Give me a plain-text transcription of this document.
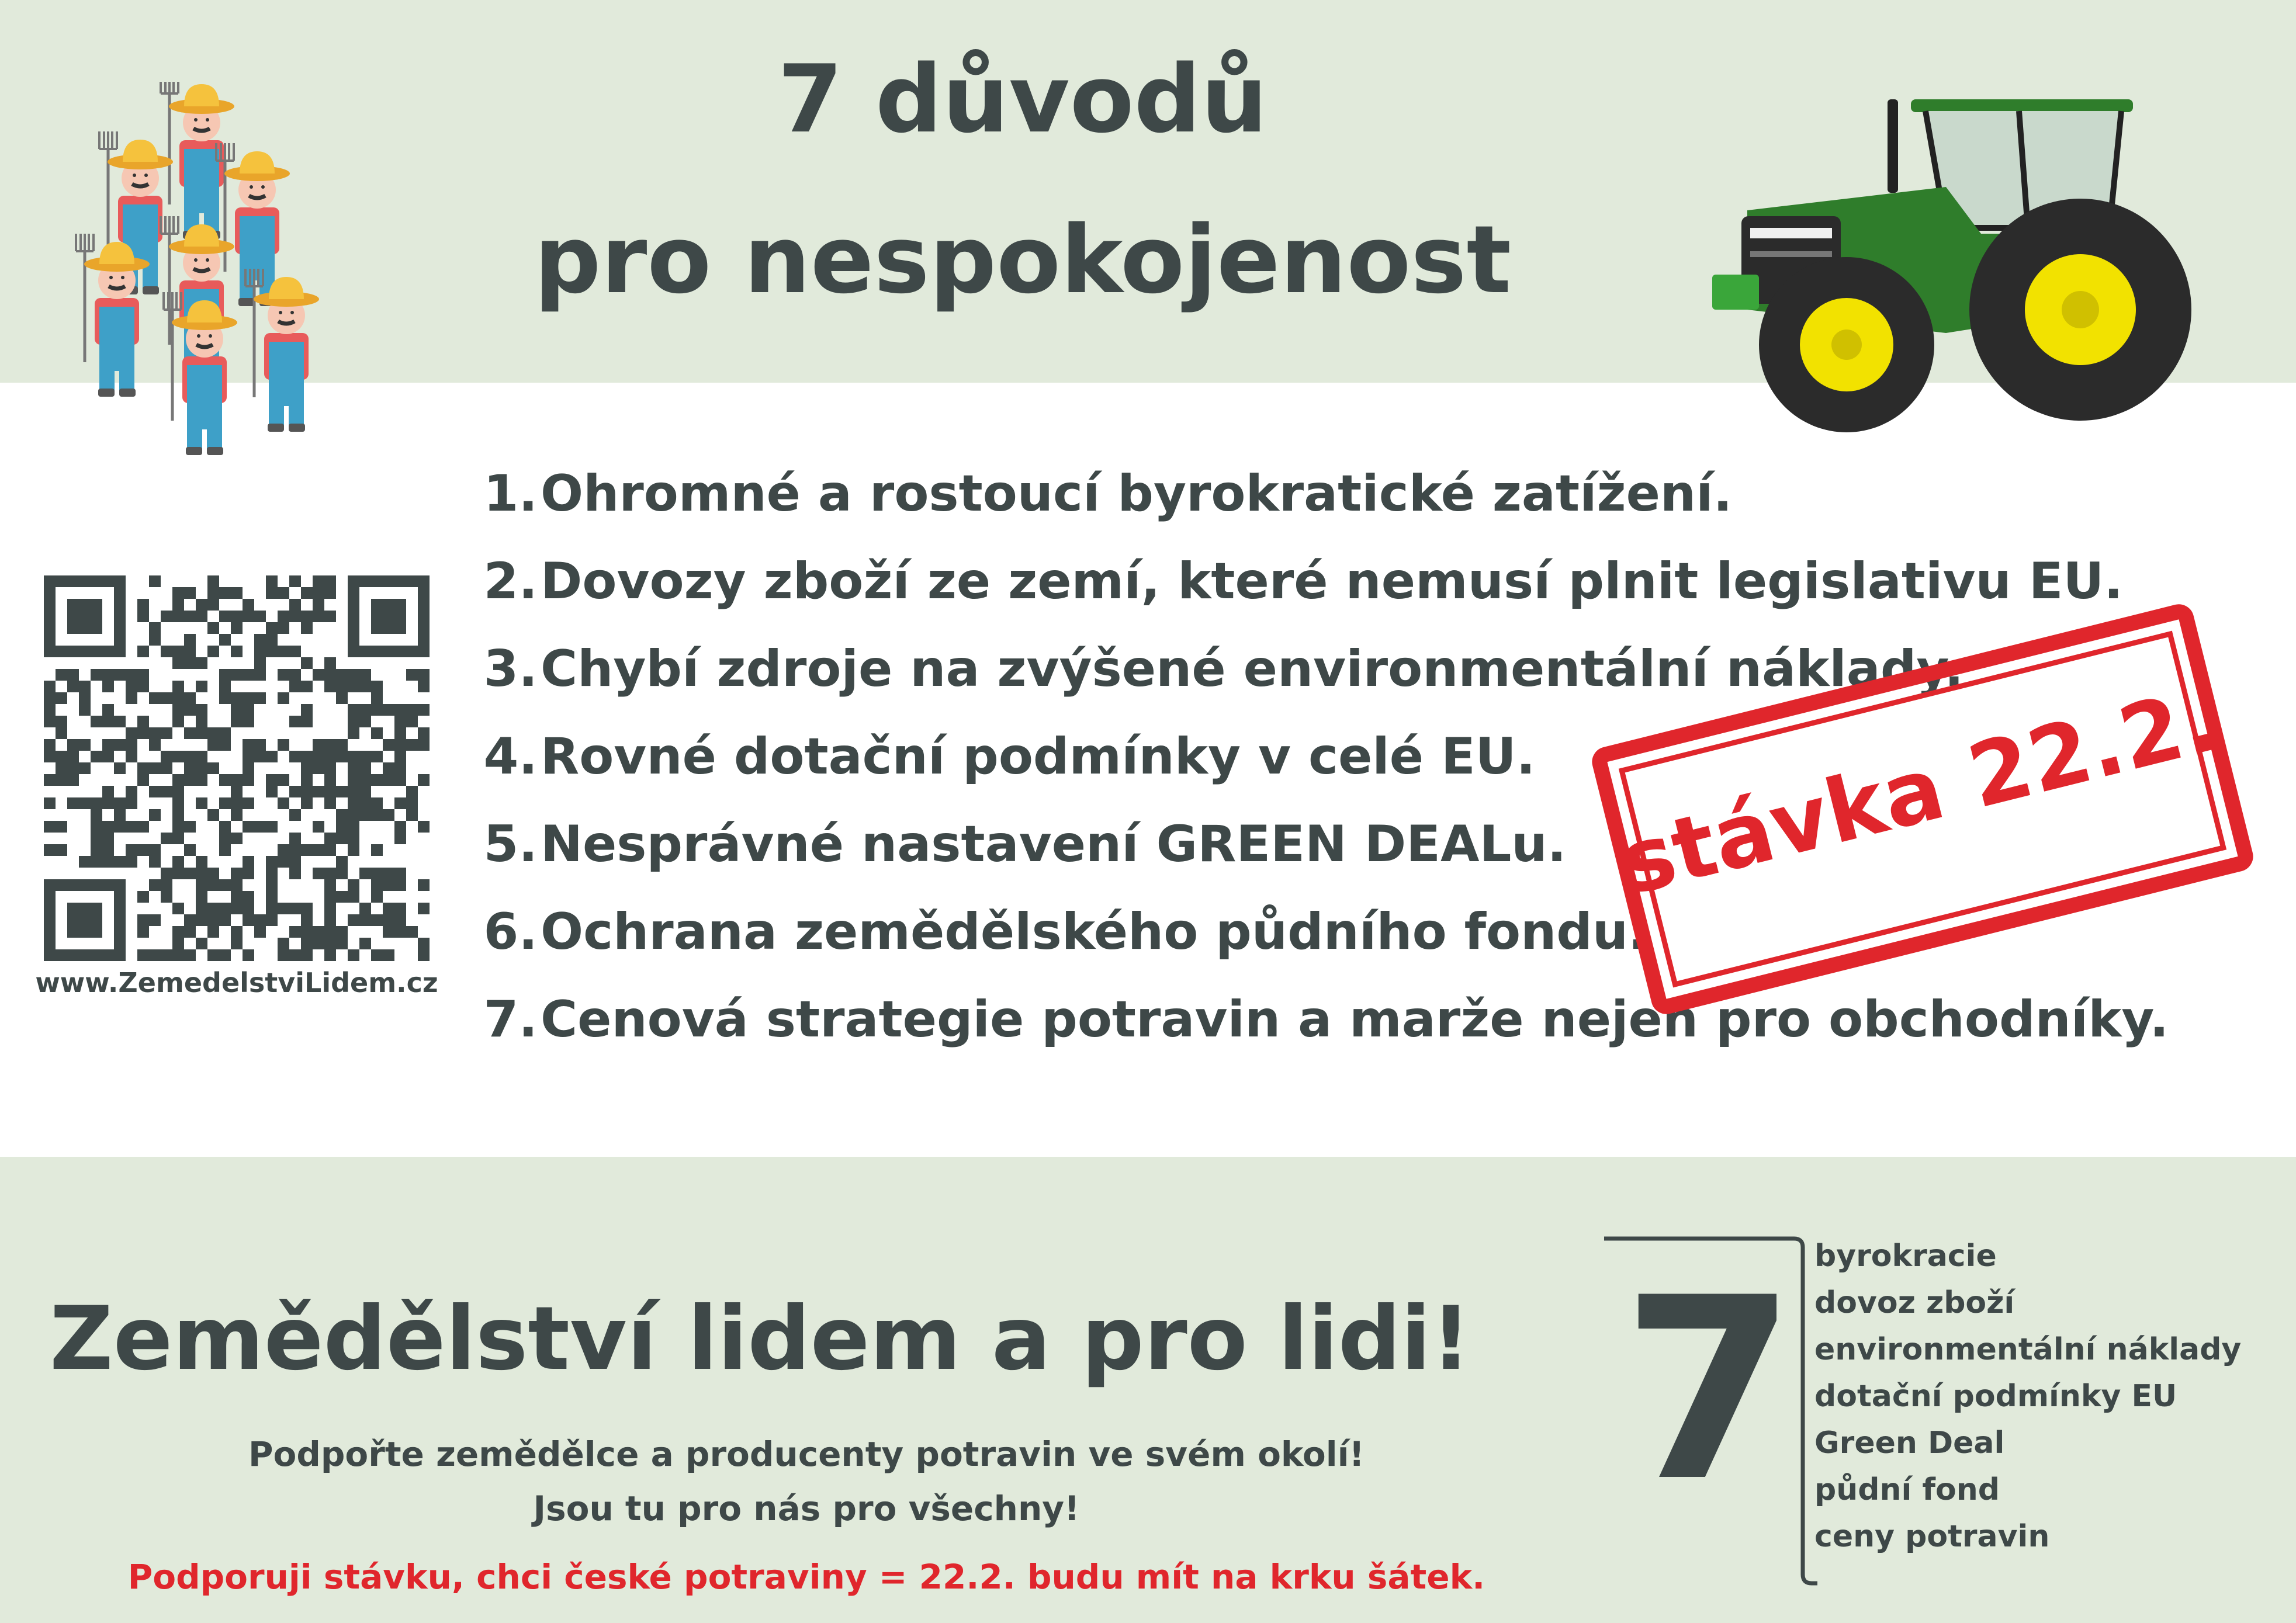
7 důvodů
pro nespokojenost
1. Ohromné a rostoucí byrokratické zatížení.
2. Dovozy zboží ze zemí, které nemusí plnit legislativu EU.
3. Chybí zdroje na zvýšené environmentální náklady.
4. Rovné dotační podmínky v celé EU.
5. Nesprávné nastavení GREEN DEALu.
6. Ochrana zemědělského půdního fondu.
7. Cenová strategie potravin a marže nejen pro obchodníky.
www.ZemedelstviLidem.cz
stávka 22.2.
Zemědělství lidem a pro lidi!
Podpořte zemědělce a producenty potravin ve svém okolí!
Jsou tu pro nás pro všechny!
Podporuji stávku, chci české potraviny = 22.2. budu mít na krku šátek.
7 byrokracie
dovoz zboží
environmentální náklady
dotační podmínky EU
Green Deal
půdní fond
ceny potravin
